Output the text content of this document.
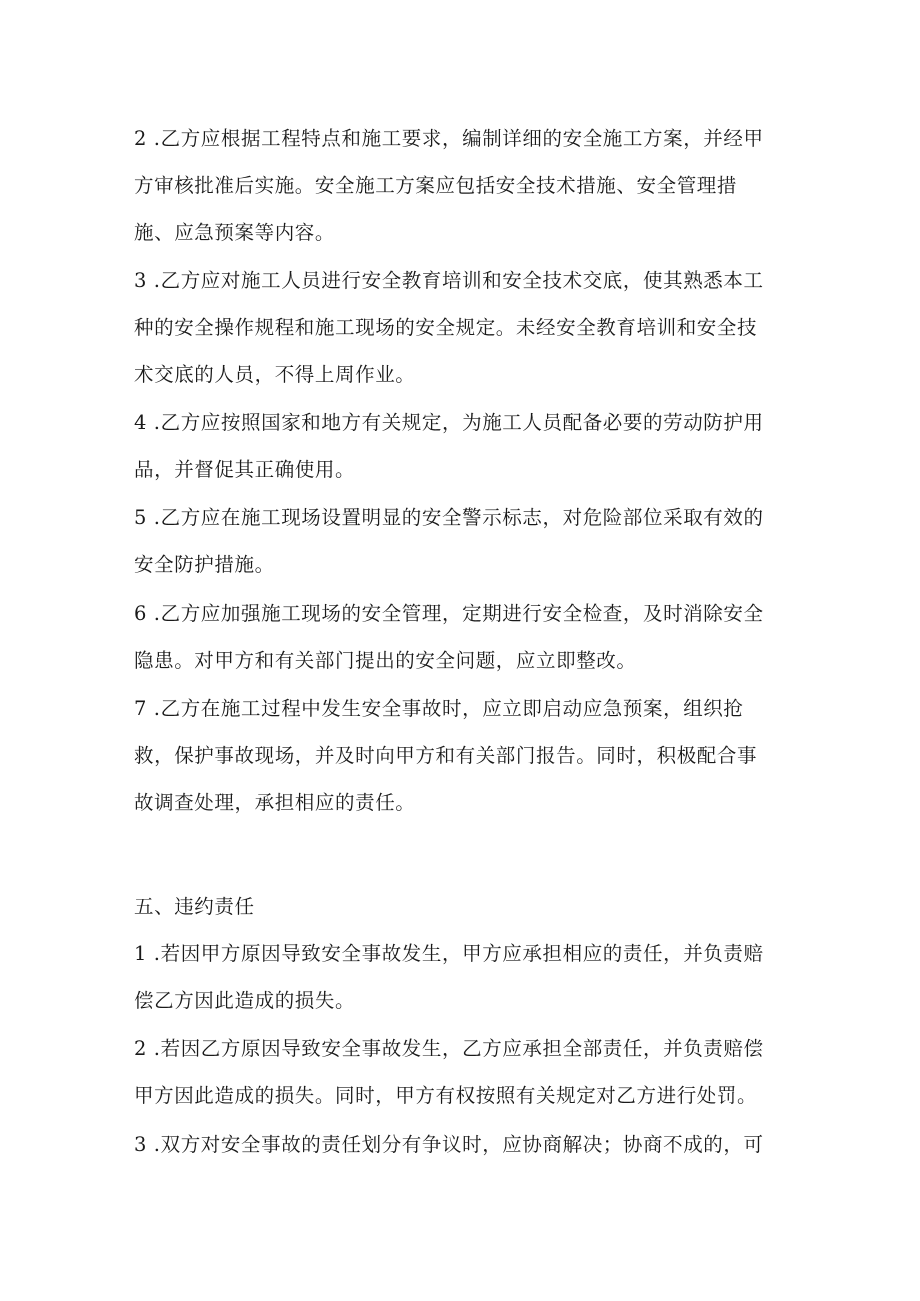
2 .乙方应根据工程特点和施工要求，编制详细的安全施工方案，并经甲
方审核批准后实施。安全施工方案应包括安全技术措施、安全管理措
施、应急预案等内容。

3 .乙方应对施工人员进行安全教育培训和安全技术交底，使其熟悉本工
种的安全操作规程和施工现场的安全规定。未经安全教育培训和安全技
术交底的人员，不得上周作业。

4 .乙方应按照国家和地方有关规定，为施工人员配备必要的劳动防护用
品，并督促其正确使用。

5 .乙方应在施工现场设置明显的安全警示标志，对危险部位采取有效的
安全防护措施。

6 .乙方应加强施工现场的安全管理，定期进行安全检查，及时消除安全
隐患。对甲方和有关部门提出的安全问题，应立即整改。

7 .乙方在施工过程中发生安全事故时，应立即启动应急预案，组织抢
救，保护事故现场，并及时向甲方和有关部门报告。同时，积极配合事
故调查处理，承担相应的责任。

五、违约责任

1 .若因甲方原因导致安全事故发生，甲方应承担相应的责任，并负责赔
偿乙方因此造成的损失。

2 .若因乙方原因导致安全事故发生，乙方应承担全部责任，并负责赔偿
甲方因此造成的损失。同时，甲方有权按照有关规定对乙方进行处罚。

3 .双方对安全事故的责任划分有争议时，应协商解决；协商不成的，可
